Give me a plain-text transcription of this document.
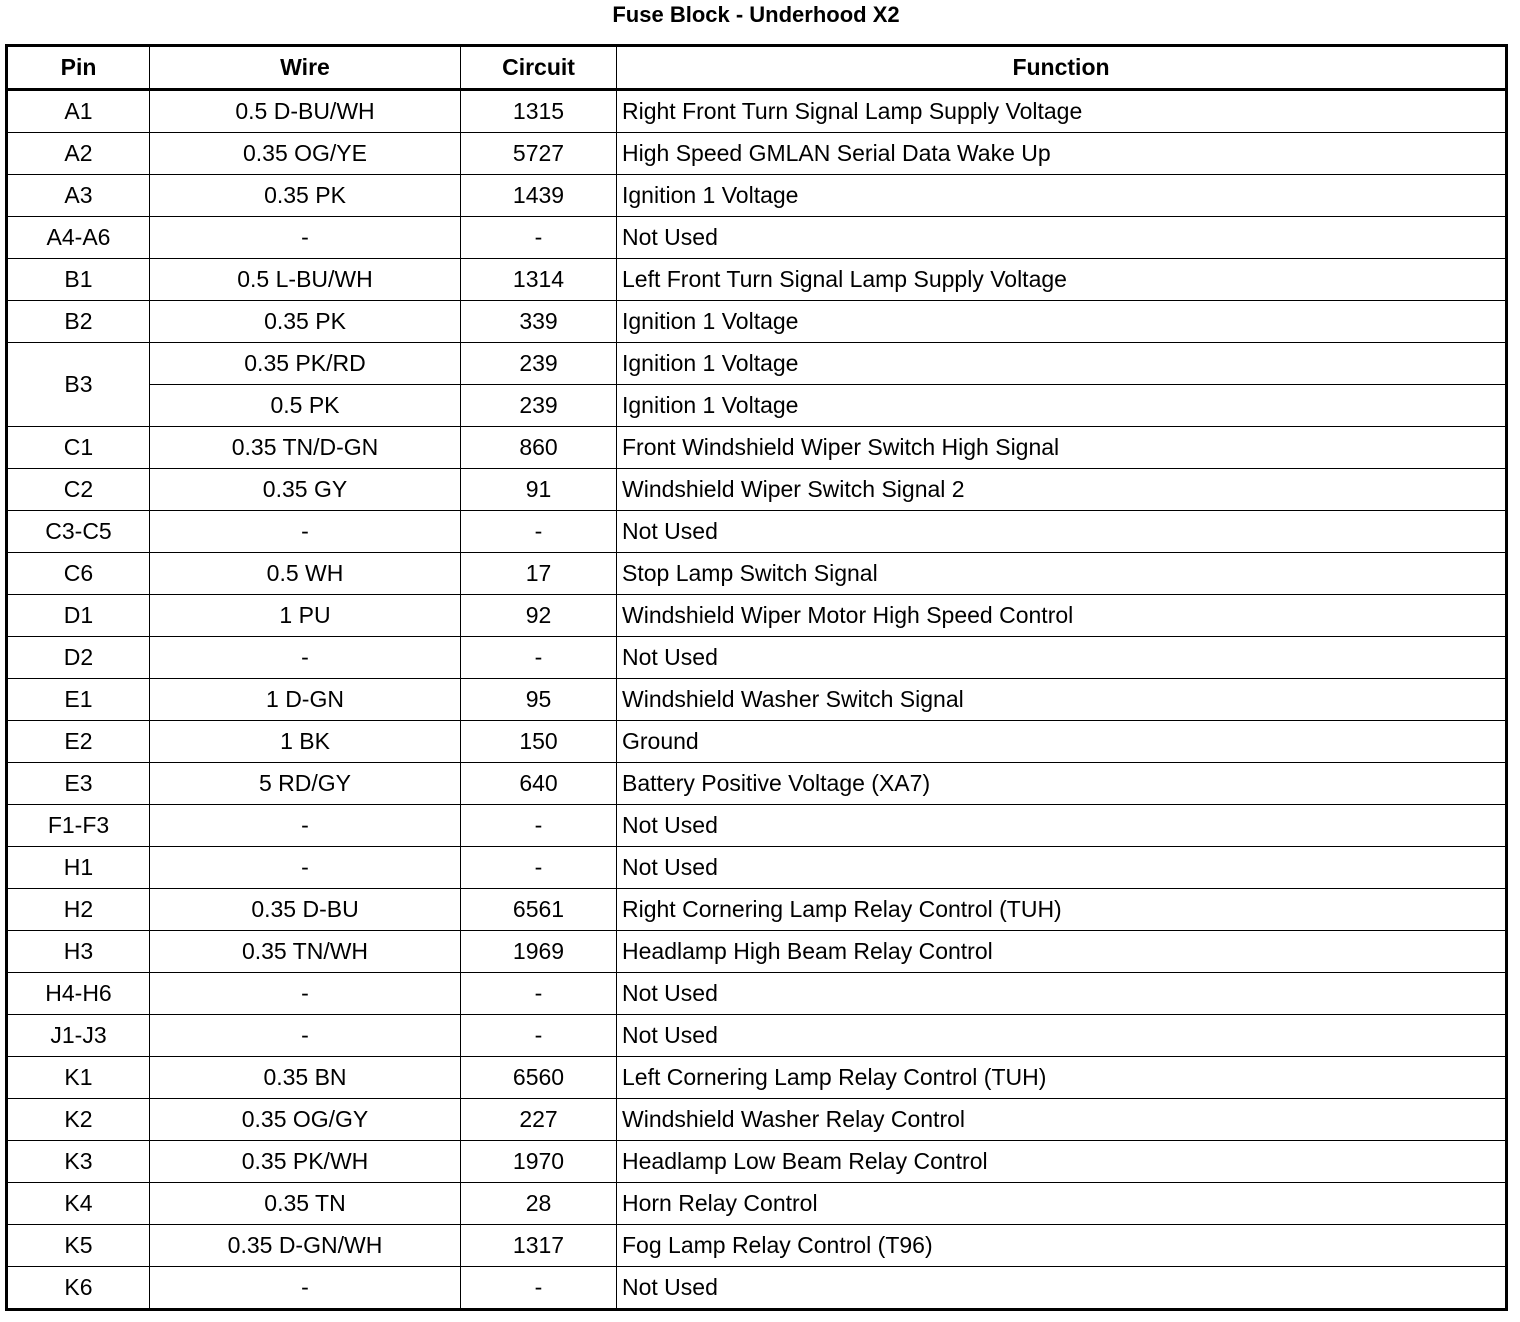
Fuse Block - Underhood X2
Pin	Wire	Circuit	Function
A1	0.5 D-BU/WH	1315	Right Front Turn Signal Lamp Supply Voltage
A2	0.35 OG/YE	5727	High Speed GMLAN Serial Data Wake Up
A3	0.35 PK	1439	Ignition 1 Voltage
A4-A6	-	-	Not Used
B1	0.5 L-BU/WH	1314	Left Front Turn Signal Lamp Supply Voltage
B2	0.35 PK	339	Ignition 1 Voltage
B3	0.35 PK/RD	239	Ignition 1 Voltage
	0.5 PK	239	Ignition 1 Voltage
C1	0.35 TN/D-GN	860	Front Windshield Wiper Switch High Signal
C2	0.35 GY	91	Windshield Wiper Switch Signal 2
C3-C5	-	-	Not Used
C6	0.5 WH	17	Stop Lamp Switch Signal
D1	1 PU	92	Windshield Wiper Motor High Speed Control
D2	-	-	Not Used
E1	1 D-GN	95	Windshield Washer Switch Signal
E2	1 BK	150	Ground
E3	5 RD/GY	640	Battery Positive Voltage (XA7)
F1-F3	-	-	Not Used
H1	-	-	Not Used
H2	0.35 D-BU	6561	Right Cornering Lamp Relay Control (TUH)
H3	0.35 TN/WH	1969	Headlamp High Beam Relay Control
H4-H6	-	-	Not Used
J1-J3	-	-	Not Used
K1	0.35 BN	6560	Left Cornering Lamp Relay Control (TUH)
K2	0.35 OG/GY	227	Windshield Washer Relay Control
K3	0.35 PK/WH	1970	Headlamp Low Beam Relay Control
K4	0.35 TN	28	Horn Relay Control
K5	0.35 D-GN/WH	1317	Fog Lamp Relay Control (T96)
K6	-	-	Not Used
